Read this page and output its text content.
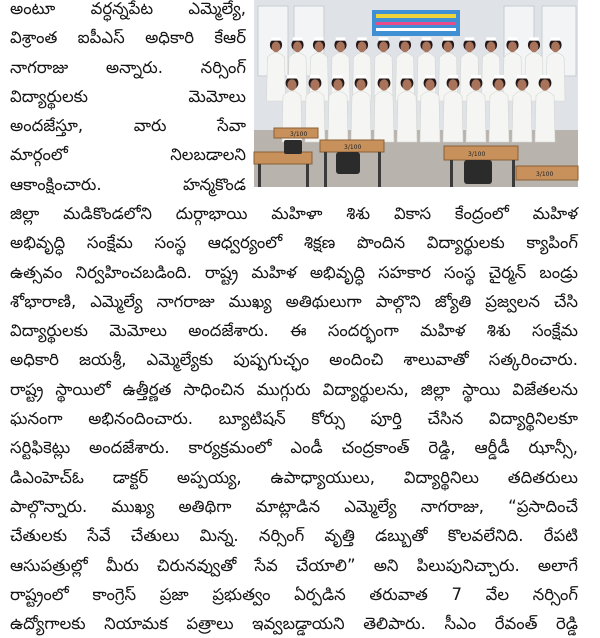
అంటూ వర్ధన్నపేట ఎమ్మెల్యే,
విశ్రాంత ఐపీఎస్ అధికారి కేఆర్
నాగరాజు అన్నారు. నర్సింగ్
విద్యార్థులకు మెమోలు
అందజేస్తూ, వారు సేవా
మార్గంలో నిలబడాలని
ఆకాంక్షించారు. హన్మకొండ
3/100
3/100
3/100
3/100
జిల్లా మడికొండలోని దుర్గాభాయి మహిళా శిశు వికాస కేంద్రంలో మహిళ
అభివృద్ధి సంక్షేమ సంస్థ ఆధ్వర్యంలో శిక్షణ పొందిన విద్యార్థులకు క్యాపింగ్
ఉత్సవం నిర్వహించబడింది. రాష్ట్ర మహిళ అభివృద్ధి సహకార సంస్థ చైర్మన్ బండ్రు
శోభారాణి, ఎమ్మెల్యే నాగరాజు ముఖ్య అతిథులుగా పాల్గొని జ్యోతి ప్రజ్వలన చేసి
విద్యార్థులకు మెమోలు అందజేశారు. ఈ సందర్భంగా మహిళ శిశు సంక్షేమ
అధికారి జయశ్రీ, ఎమ్మెల్యేకు పుష్పగుచ్ఛం అందించి శాలువాతో సత్కరించారు.
రాష్ట్ర స్థాయిలో ఉత్తీర్ణత సాధించిన ముగ్గురు విద్యార్థులను, జిల్లా స్థాయి విజేతలను
ఘనంగా అభినందించారు. బ్యూటిషన్ కోర్సు పూర్తి చేసిన విద్యార్థినిలకూ
సర్టిఫికెట్లు అందజేశారు. కార్యక్రమంలో ఎండీ చంద్రకాంత్ రెడ్డి, ఆర్డీడీ ఝాన్సీ,
డిఎంహెచ్ఓ డాక్టర్ అప్పయ్య, ఉపాధ్యాయులు, విద్యార్థినిలు తదితరులు
పాల్గొన్నారు. ముఖ్య అతిథిగా మాట్లాడిన ఎమ్మెల్యే నాగరాజు, “ప్రసాదించే
చేతులకు సేవే చేతులు మిన్న. నర్సింగ్ వృత్తి డబ్బుతో కొలవలేనిది. రేపటి
ఆసుపత్రుల్లో మీరు చిరునవ్వుతో సేవ చేయాలి” అని పిలుపునిచ్చారు. అలాగే
రాష్ట్రంలో కాంగ్రెస్ ప్రజా ప్రభుత్వం ఏర్పడిన తరువాత 7 వేల నర్సింగ్
ఉద్యోగాలకు నియామక పత్రాలు ఇవ్వబడ్డాయని తెలిపారు. సీఎం రేవంత్ రెడ్డి
